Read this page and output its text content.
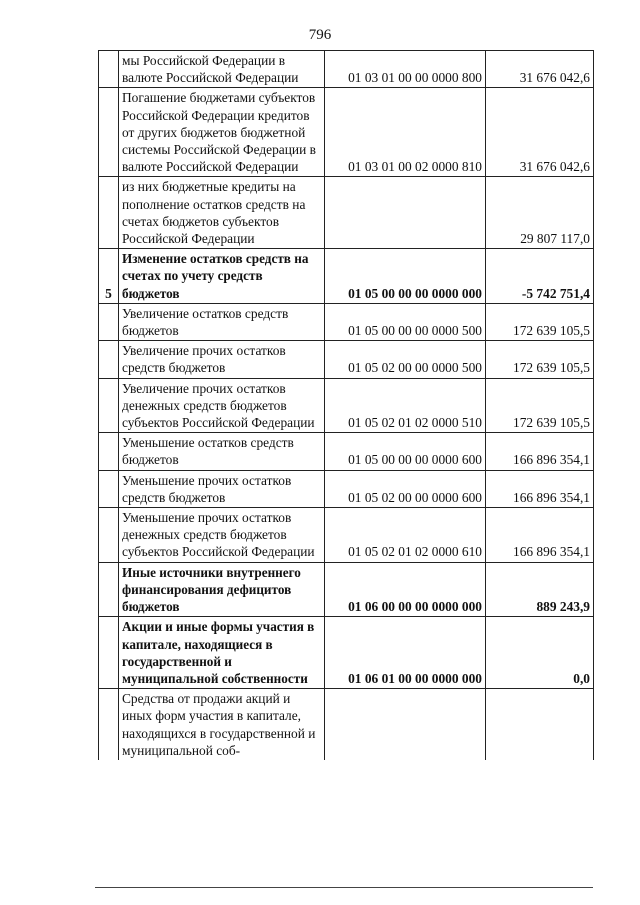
796
	мы Российской Федерации в валюте Российской Федерации	01 03 01 00 00 0000 800	31 676 042,6
	Погашение бюджетами субъектов Российской Федерации кредитов от других бюджетов бюджетной системы Российской Федерации в валюте Российской Федерации	01 03 01 00 02 0000 810	31 676 042,6
	из них бюджетные кредиты на пополнение остатков средств на счетах бюджетов субъектов Российской Федерации		29 807 117,0
5	Изменение остатков средств на счетах по учету средств бюджетов	01 05 00 00 00 0000 000	-5 742 751,4
	Увеличение остатков средств бюджетов	01 05 00 00 00 0000 500	172 639 105,5
	Увеличение прочих остатков средств бюджетов	01 05 02 00 00 0000 500	172 639 105,5
	Увеличение прочих остатков денежных средств бюджетов субъектов Российской Федерации	01 05 02 01 02 0000 510	172 639 105,5
	Уменьшение остатков средств бюджетов	01 05 00 00 00 0000 600	166 896 354,1
	Уменьшение прочих остатков средств бюджетов	01 05 02 00 00 0000 600	166 896 354,1
	Уменьшение прочих остатков денежных средств бюджетов субъектов Российской Федерации	01 05 02 01 02 0000 610	166 896 354,1
	Иные источники внутреннего финансирования дефицитов бюджетов	01 06 00 00 00 0000 000	889 243,9
	Акции и иные формы участия в капитале, находящиеся в государственной и муниципальной собственности	01 06 01 00 00 0000 000	0,0
	Средства от продажи акций и иных форм участия в капитале, находящихся в государственной и муниципальной соб-		
